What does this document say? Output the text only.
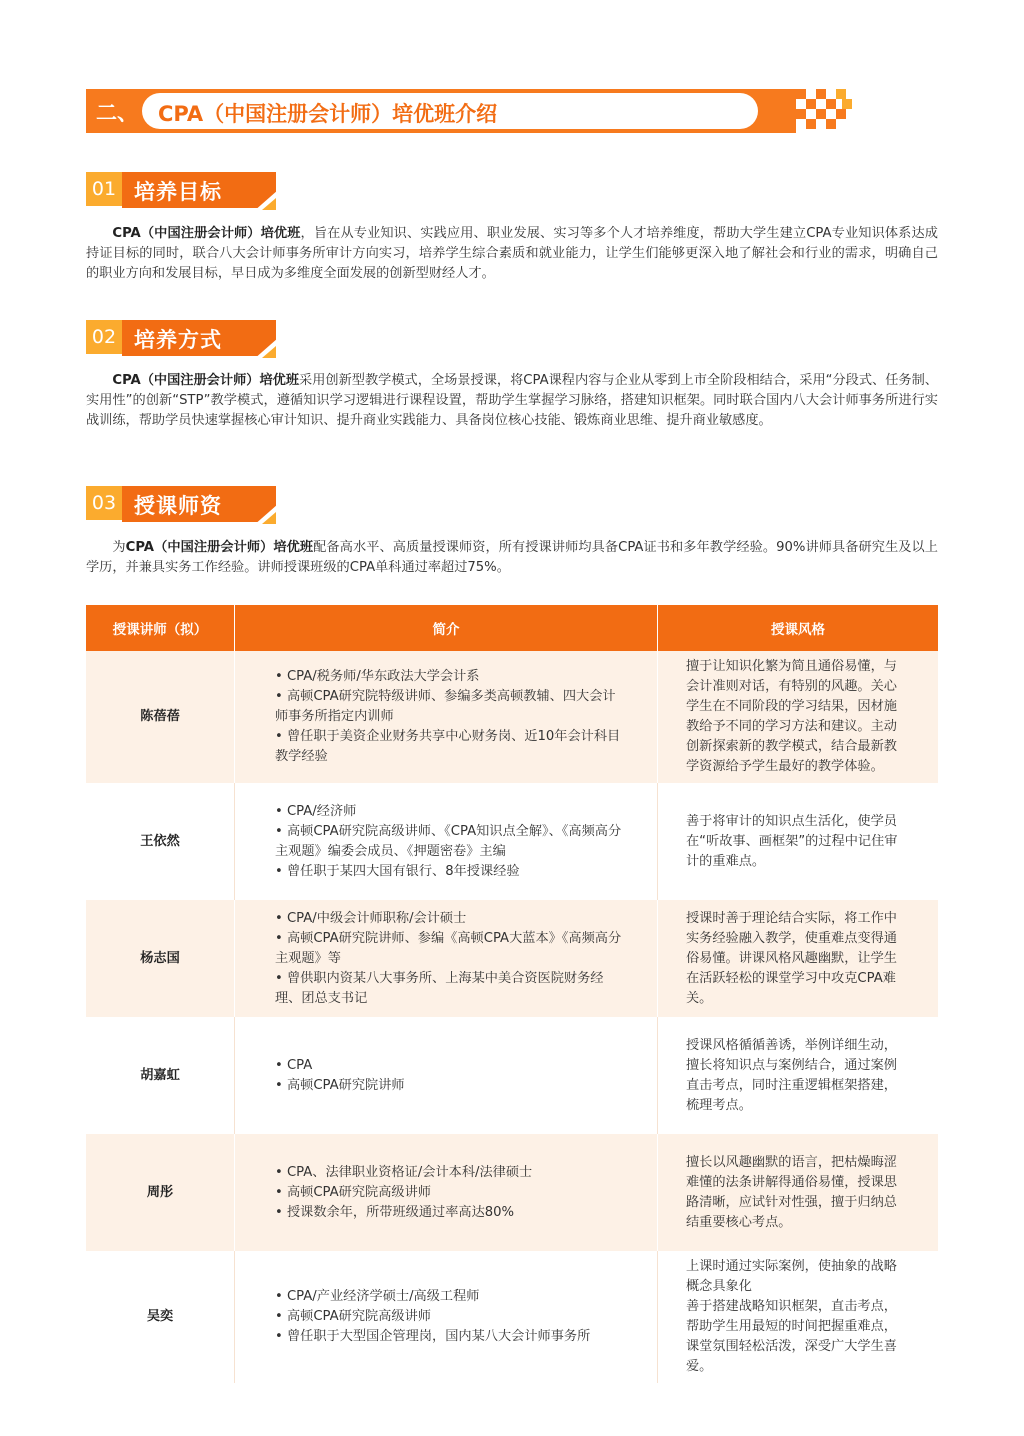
二、 CPA（中国注册会计师）培优班介绍
01 培养目标
CPA（中国注册会计师）培优班，旨在从专业知识、实践应用、职业发展、实习等多个人才培养维度，帮助大学生建立CPA专业知识体系达成持证目标的同时，联合八大会计师事务所审计方向实习，培养学生综合素质和就业能力，让学生们能够更深入地了解社会和行业的需求，明确自己的职业方向和发展目标，早日成为多维度全面发展的创新型财经人才。
02 培养方式
CPA（中国注册会计师）培优班采用创新型教学模式，全场景授课，将CPA课程内容与企业从零到上市全阶段相结合，采用“分段式、任务制、实用性”的创新“STP”教学模式，遵循知识学习逻辑进行课程设置，帮助学生掌握学习脉络，搭建知识框架。同时联合国内八大会计师事务所进行实战训练，帮助学员快速掌握核心审计知识、提升商业实践能力、具备岗位核心技能、锻炼商业思维、提升商业敏感度。
03 授课师资
为CPA（中国注册会计师）培优班配备高水平、高质量授课师资，所有授课讲师均具备CPA证书和多年教学经验。90%讲师具备研究生及以上学历，并兼具实务工作经验。讲师授课班级的CPA单科通过率超过75%。
授课讲师（拟）	简介	授课风格
陈蓓蓓	• CPA/税务师/华东政法大学会计系
• 高顿CPA研究院特级讲师、参编多类高顿教辅、四大会计师事务所指定内训师
• 曾任职于美资企业财务共享中心财务岗、近10年会计科目教学经验	擅于让知识化繁为简且通俗易懂，与会计准则对话，有特别的风趣。关心学生在不同阶段的学习结果，因材施教给予不同的学习方法和建议。主动创新探索新的教学模式，结合最新教学资源给予学生最好的教学体验。

王依然	• CPA/经济师
• 高顿CPA研究院高级讲师、《CPA知识点全解》、《高频高分主观题》编委会成员、《押题密卷》主编
• 曾任职于某四大国有银行、8年授课经验	善于将审计的知识点生活化，使学员在“听故事、画框架”的过程中记住审计的重难点。

杨志国	• CPA/中级会计师职称/会计硕士
• 高顿CPA研究院讲师、参编《高顿CPA大蓝本》《高频高分主观题》等
• 曾供职内资某八大事务所、上海某中美合资医院财务经理、团总支书记	授课时善于理论结合实际，将工作中实务经验融入教学，使重难点变得通俗易懂。讲课风格风趣幽默，让学生在活跃轻松的课堂学习中攻克CPA难关。

胡嘉虹	• CPA
• 高顿CPA研究院讲师	授课风格循循善诱，举例详细生动，擅长将知识点与案例结合，通过案例直击考点，同时注重逻辑框架搭建，梳理考点。

周彤	• CPA、法律职业资格证/会计本科/法律硕士
• 高顿CPA研究院高级讲师
• 授课数余年，所带班级通过率高达80%	擅长以风趣幽默的语言，把枯燥晦涩难懂的法条讲解得通俗易懂，授课思路清晰，应试针对性强，擅于归纳总结重要核心考点。

吴奕	• CPA/产业经济学硕士/高级工程师
• 高顿CPA研究院高级讲师
• 曾任职于大型国企管理岗，国内某八大会计师事务所	上课时通过实际案例，使抽象的战略概念具象化
善于搭建战略知识框架，直击考点，帮助学生用最短的时间把握重难点，课堂氛围轻松活泼，深受广大学生喜爱。
